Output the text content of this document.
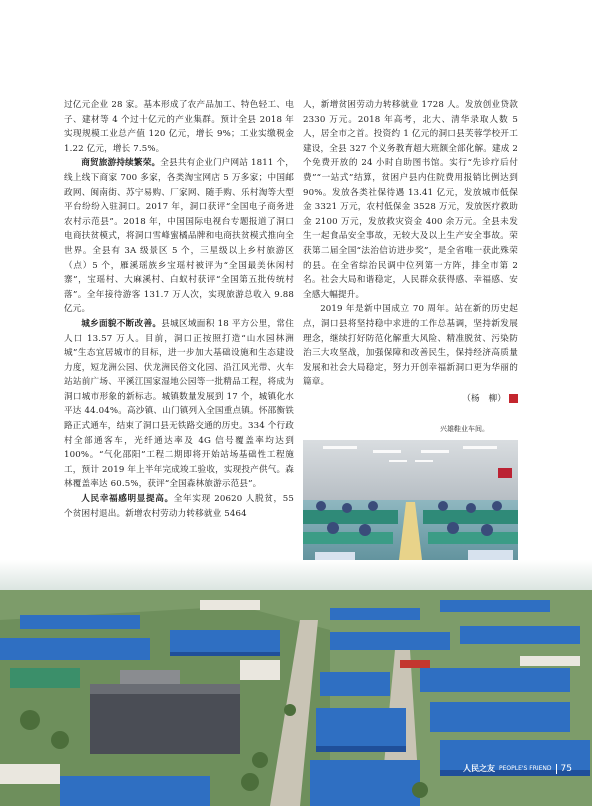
过亿元企业 28 家。基本形成了农产品加工、特色轻工、电子、建材等 4 个过十亿元的产业集群。预计全县 2018 年实现规模工业总产值 120 亿元，增长 9%；工业实缴税金 1.22 亿元，增长 7.5%。

商贸旅游持续繁荣。全县共有企业门户网站 1811 个，线上线下商家 700 多家，各类淘宝网店 5 万多家；中国邮政网、闽南街、苏宁易购、厂家网、随手购、乐村淘等大型平台纷纷入驻洞口。2017 年，洞口获评“全国电子商务进农村示范县”。2018 年，中国国际电视台专题报道了洞口电商扶贫模式，将洞口雪峰蜜橘品牌和电商扶贫模式推向全世界。全县有 3A 级景区 5 个，三星级以上乡村旅游区（点）5 个，雁溪瑶族乡宝瑶村被评为“全国最美休闲村寨”，宝瑶村、大麻溪村、白蚁村获评“全国第五批传统村落”。全年接待游客 131.7 万人次，实现旅游总收入 9.88 亿元。

城乡面貌不断改善。县城区域面积 18 平方公里，常住人口 13.57 万人。目前，洞口正按照打造“山水园林洲城”生态宜居城市的目标，进一步加大基础设施和生态建设力度，短龙洲公园、伏龙洲民俗文化园、沿江风光带、火车站站前广场、平溪江国家湿地公园等一批精品工程，将成为洞口城市形象的新标志。城镇数量发展到 17 个，城镇化水平达 44.04%。高沙镇、山门镇列入全国重点镇。怀邵衡铁路正式通车，结束了洞口县无铁路交通的历史。334 个行政村全部通客车，光纤通达率及 4G 信号覆盖率均达到 100%。“气化邵阳”工程二期即将开始站场基础性工程施工，预计 2019 年上半年完成竣工验收，实现投产供气。森林覆盖率达 60.5%，获评“全国森林旅游示范县”。

人民幸福感明显提高。全年实现 20620 人脱贫，55 个贫困村退出。新增农村劳动力转移就业 5464

人，新增贫困劳动力转移就业 1728 人。发放创业贷款 2330 万元。2018 年高考，北大、清华录取人数 5 人，居全市之首。投资约 1 亿元的洞口县芙蓉学校开工建设，全县 327 个义务教育超大班额全部化解。建成 2 个免费开放的 24 小时自助图书馆。实行“先诊疗后付费”“一站式”结算，贫困户县内住院费用报销比例达到 90%。发放各类社保待遇 13.41 亿元，发放城市低保金 3321 万元，农村低保金 3528 万元，发放医疗救助金 2100 万元，发放救灾资金 400 余万元。全县未发生一起食品安全事故，无较大及以上生产安全事故。荣获第二届全国“法治信访进步奖”，是全省唯一获此殊荣的县。在全省综治民调中位列第一方阵，排全市第 2 名。社会大局和谐稳定，人民群众获得感、幸福感、安全感大幅提升。

2019 年是新中国成立 70 周年。站在新的历史起点，洞口县将坚持稳中求进的工作总基调，坚持新发展理念，继续打好防范化解重大风险、精准脱贫、污染防治三大攻坚战，加强保障和改善民生，保持经济高质量发展和社会大局稳定，努力开创幸福新洞口更为华丽的篇章。

（杨　柳）	人

兴雄鞋业车间。
人民之友 PEOPLE'S FRIEND 75
